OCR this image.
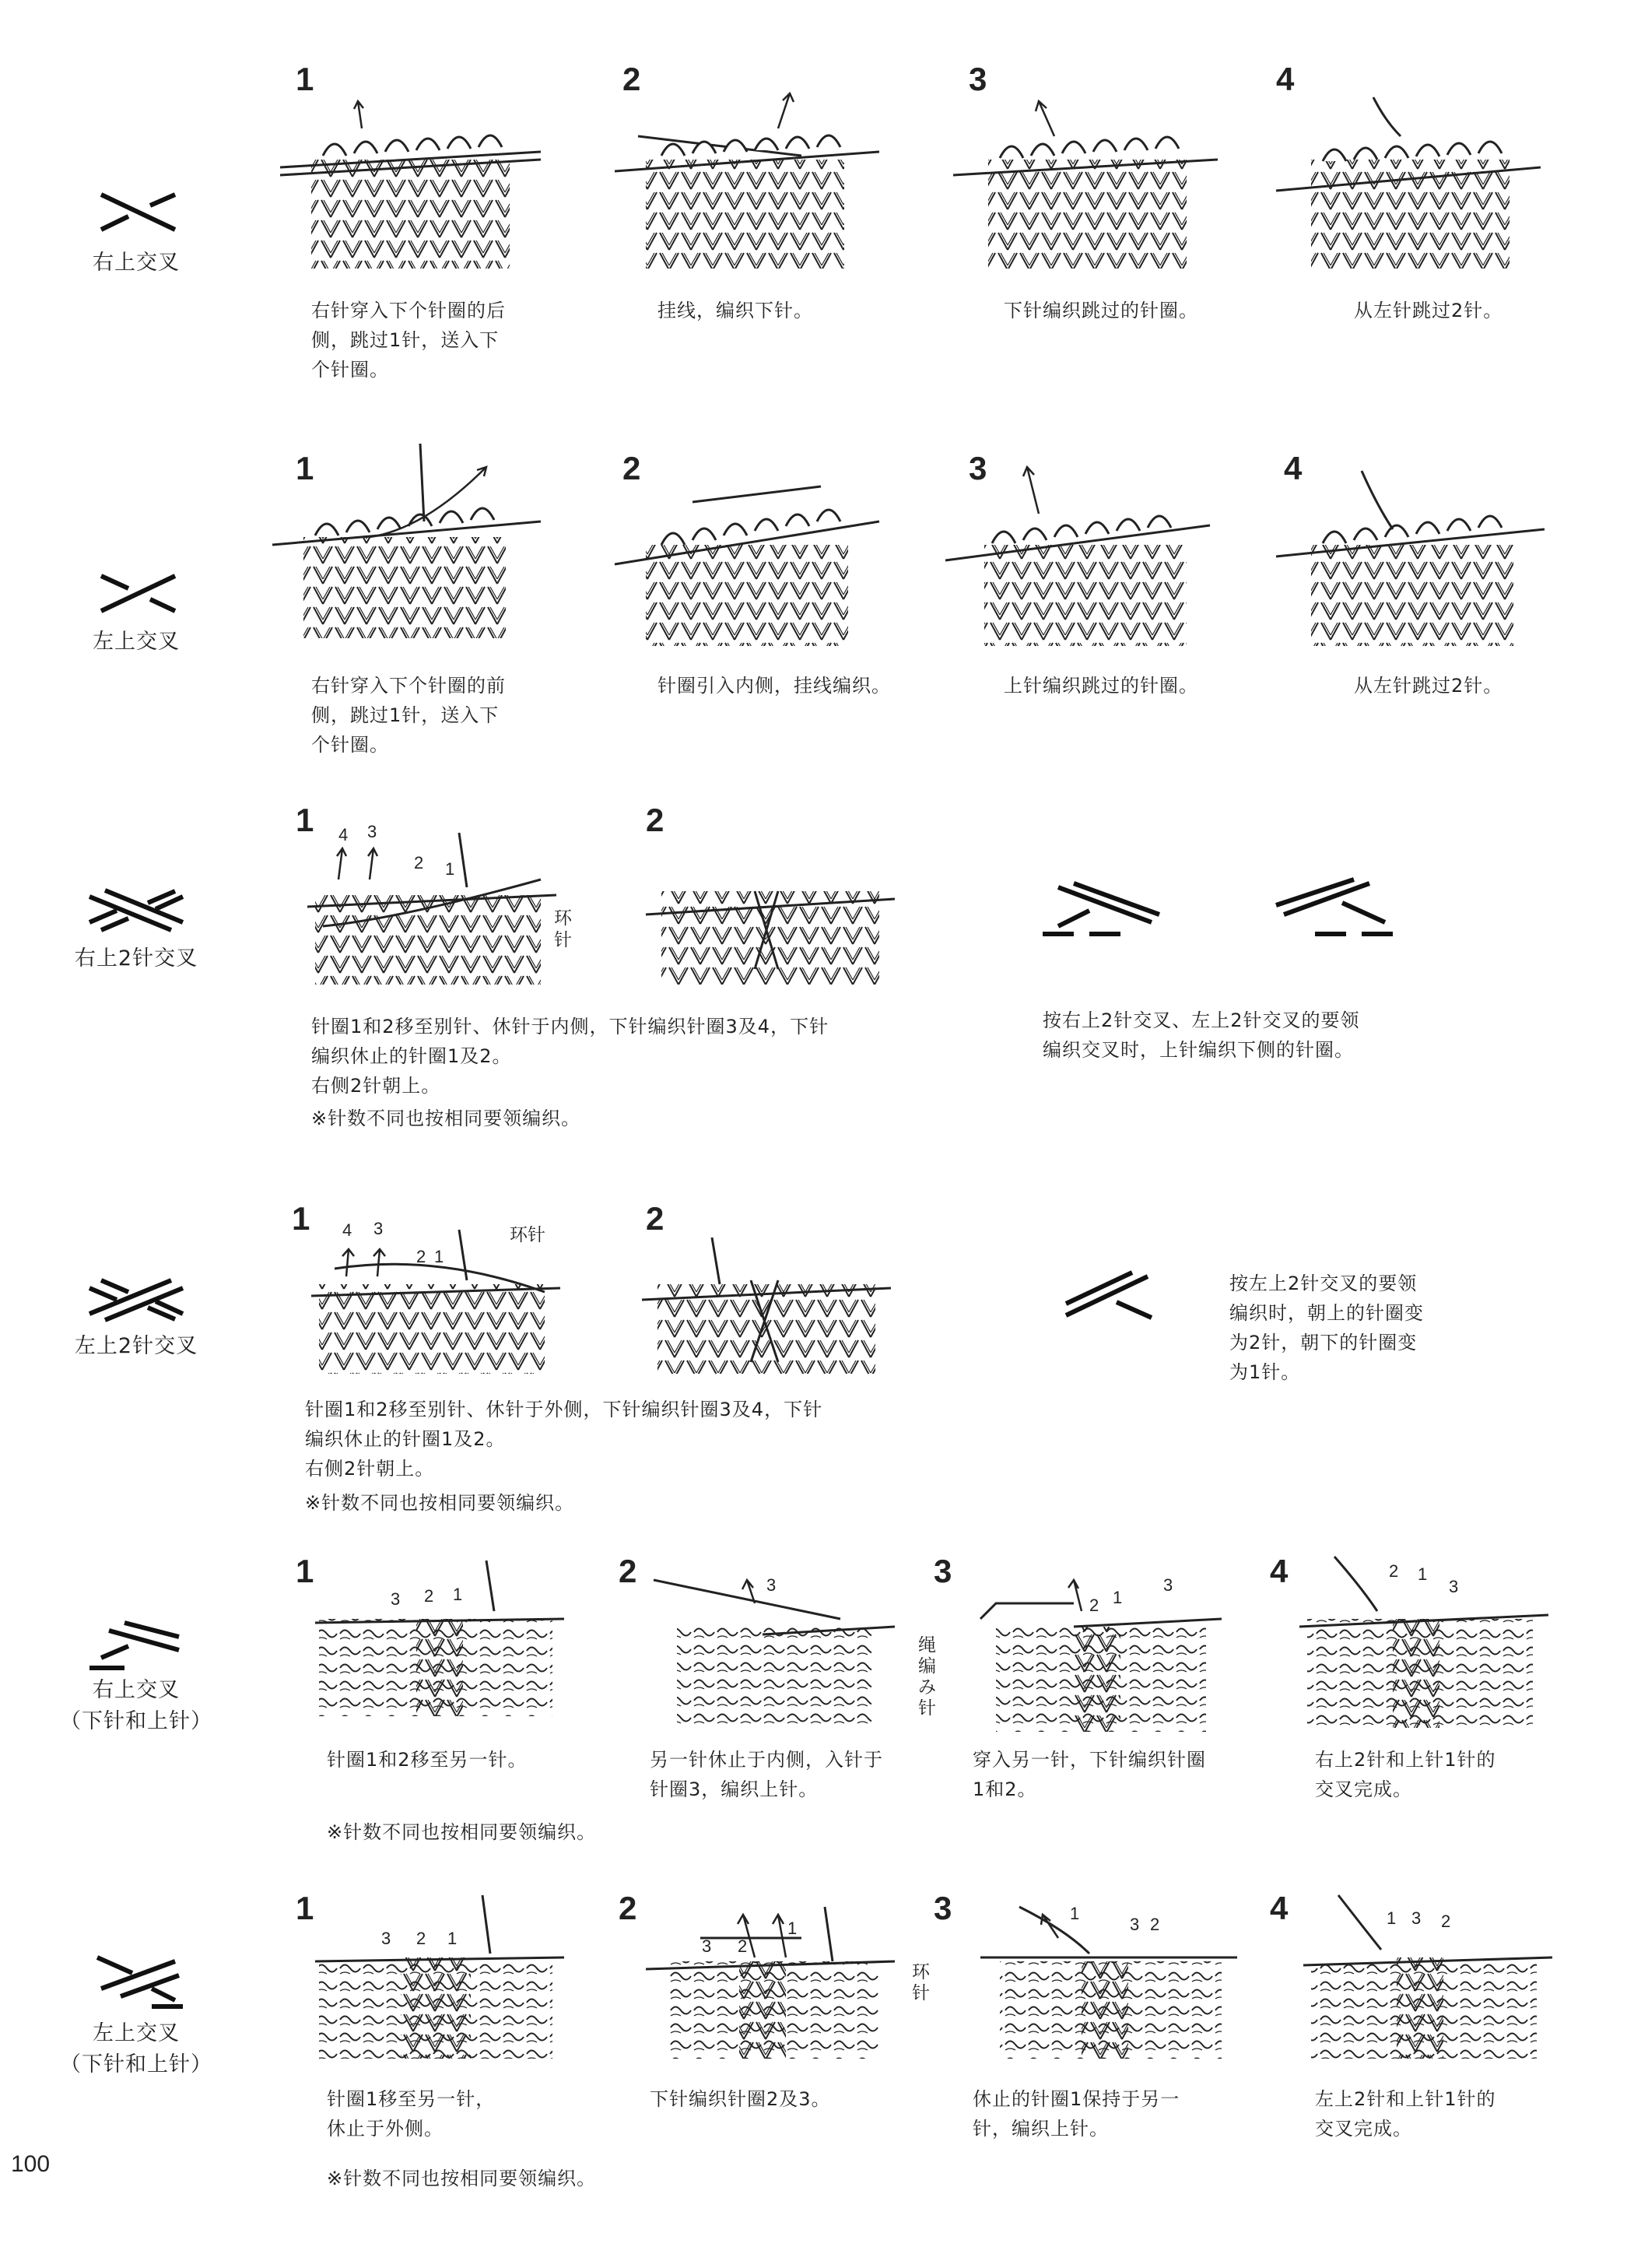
右上交叉
1	2	3	4
右针穿入下个针圈的后
侧，跳过1针，送入下
个针圈。
挂线，编织下针。	下针编织跳过的针圈。	从左针跳过2针。
左上交叉
1	2	3	4
右针穿入下个针圈的前
侧，跳过1针，送入下
个针圈。
针圈引入内侧，挂线编织。	上针编织跳过的针圈。	从左针跳过2针。
右上2针交叉
1	2
4 3
2 1
环针
针圈1和2移至别针、休针于内侧，下针编织针圈3及4，下针
编织休止的针圈1及2。
右侧2针朝上。
※针数不同也按相同要领编织。
按右上2针交叉、左上2针交叉的要领
编织交叉时，上针编织下侧的针圈。
左上2针交叉
1	2
4 3
2 1
环针
针圈1和2移至别针、休针于外侧，下针编织针圈3及4，下针
编织休止的针圈1及2。
右侧2针朝上。
※针数不同也按相同要领编织。
按左上2针交叉的要领
编织时，朝上的针圈变
为2针，朝下的针圈变
为1针。
右上交叉
（下针和上针）
1	2	3	4
3 2 1	3
绳编み针
2 1
3
2 1
3
针圈1和2移至另一针。	另一针休止于内侧，入针于
针圈3，编织上针。
穿入另一针，下针编织针圈
1和2。
右上2针和上针1针的
交叉完成。
※针数不同也按相同要领编织。
左上交叉
（下针和上针）
1	2	3	4
3 2 1	3 2
1
环针
1
3 2	1 3 2
针圈1移至另一针，
休止于外侧。
下针编织针圈2及3。	休止的针圈1保持于另一
针，编织上针。
左上2针和上针1针的
交叉完成。
※针数不同也按相同要领编织。
100
